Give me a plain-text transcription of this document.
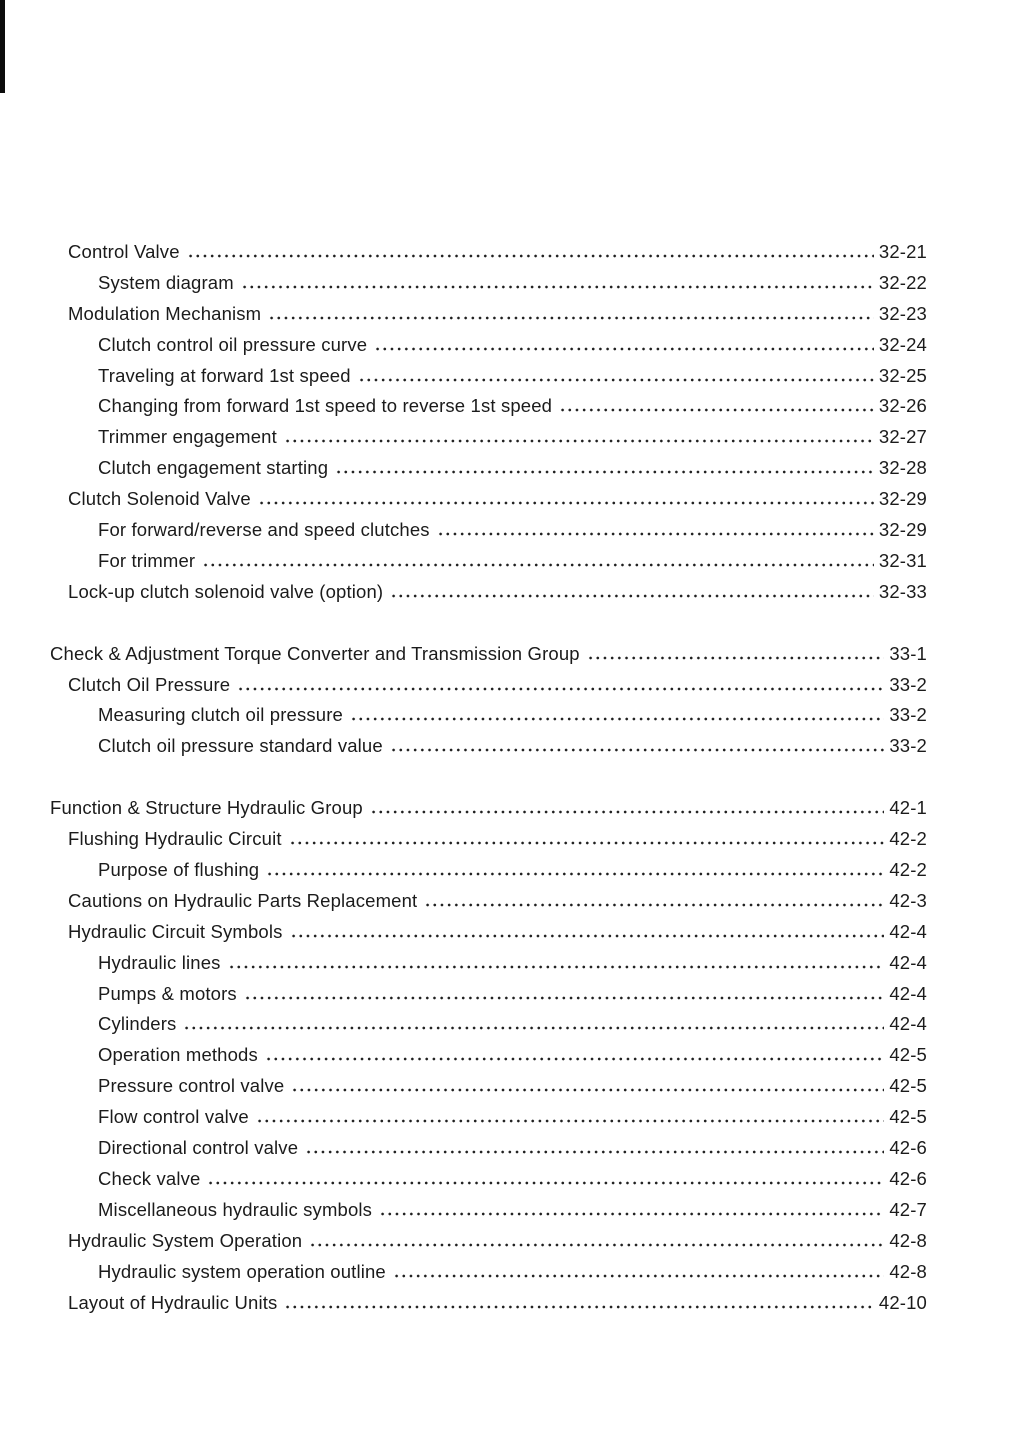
Control Valve	32-21
System diagram	32-22
Modulation Mechanism	32-23
Clutch control oil pressure curve	32-24
Traveling at forward 1st speed	32-25
Changing from forward 1st speed to reverse 1st speed	32-26
Trimmer engagement	32-27
Clutch engagement starting	32-28
Clutch Solenoid Valve	32-29
For forward/reverse and speed clutches	32-29
For trimmer	32-31
Lock-up clutch solenoid valve (option)	32-33
Check & Adjustment Torque Converter and Transmission Group	33-1
Clutch Oil Pressure	33-2
Measuring clutch oil pressure	33-2
Clutch oil pressure standard value	33-2
Function & Structure Hydraulic Group	42-1
Flushing Hydraulic Circuit	42-2
Purpose of flushing	42-2
Cautions on Hydraulic Parts Replacement	42-3
Hydraulic Circuit Symbols	42-4
Hydraulic lines	42-4
Pumps & motors	42-4
Cylinders	42-4
Operation methods	42-5
Pressure control valve	42-5
Flow control valve	42-5
Directional control valve	42-6
Check valve	42-6
Miscellaneous hydraulic symbols	42-7
Hydraulic System Operation	42-8
Hydraulic system operation outline	42-8
Layout of Hydraulic Units	42-10
